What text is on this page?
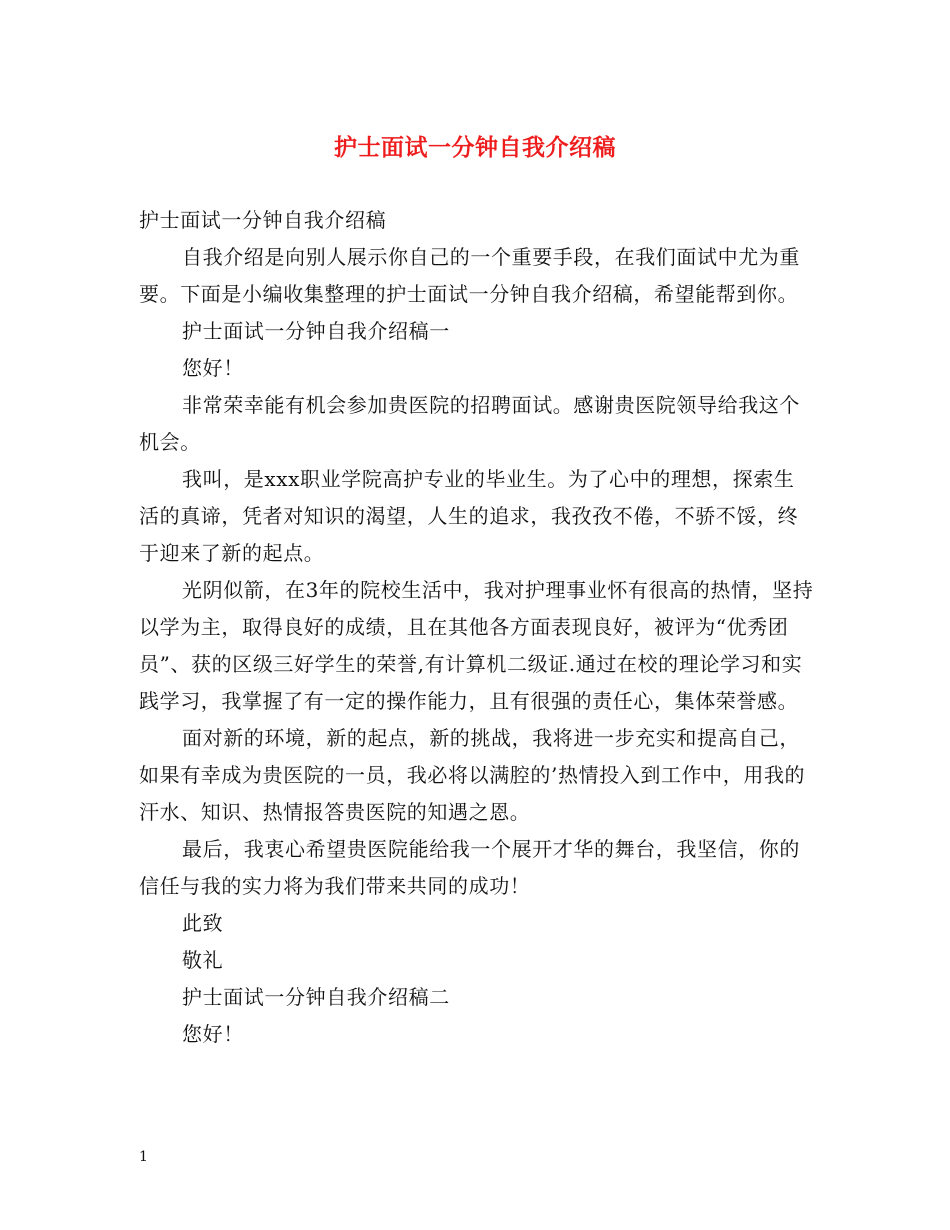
护士面试一分钟自我介绍稿

护士面试一分钟自我介绍稿

自我介绍是向别人展示你自己的一个重要手段，在我们面试中尤为重要。下面是小编收集整理的护士面试一分钟自我介绍稿，希望能帮到你。

护士面试一分钟自我介绍稿一

您好！

非常荣幸能有机会参加贵医院的招聘面试。感谢贵医院领导给我这个机会。

我叫，是xxx职业学院高护专业的毕业生。为了心中的理想，探索生活的真谛，凭者对知识的渴望，人生的追求，我孜孜不倦，不骄不馁，终于迎来了新的起点。

光阴似箭，在3年的院校生活中，我对护理事业怀有很高的热情，坚持以学为主，取得良好的成绩，且在其他各方面表现良好，被评为“优秀团员”、获的区级三好学生的荣誉,有计算机二级证.通过在校的理论学习和实践学习，我掌握了有一定的操作能力，且有很强的责任心，集体荣誉感。

面对新的环境，新的起点，新的挑战，我将进一步充实和提高自己，如果有幸成为贵医院的一员，我必将以满腔的’热情投入到工作中，用我的汗水、知识、热情报答贵医院的知遇之恩。

最后，我衷心希望贵医院能给我一个展开才华的舞台，我坚信，你的信任与我的实力将为我们带来共同的成功！

此致

敬礼

护士面试一分钟自我介绍稿二

您好！

1
